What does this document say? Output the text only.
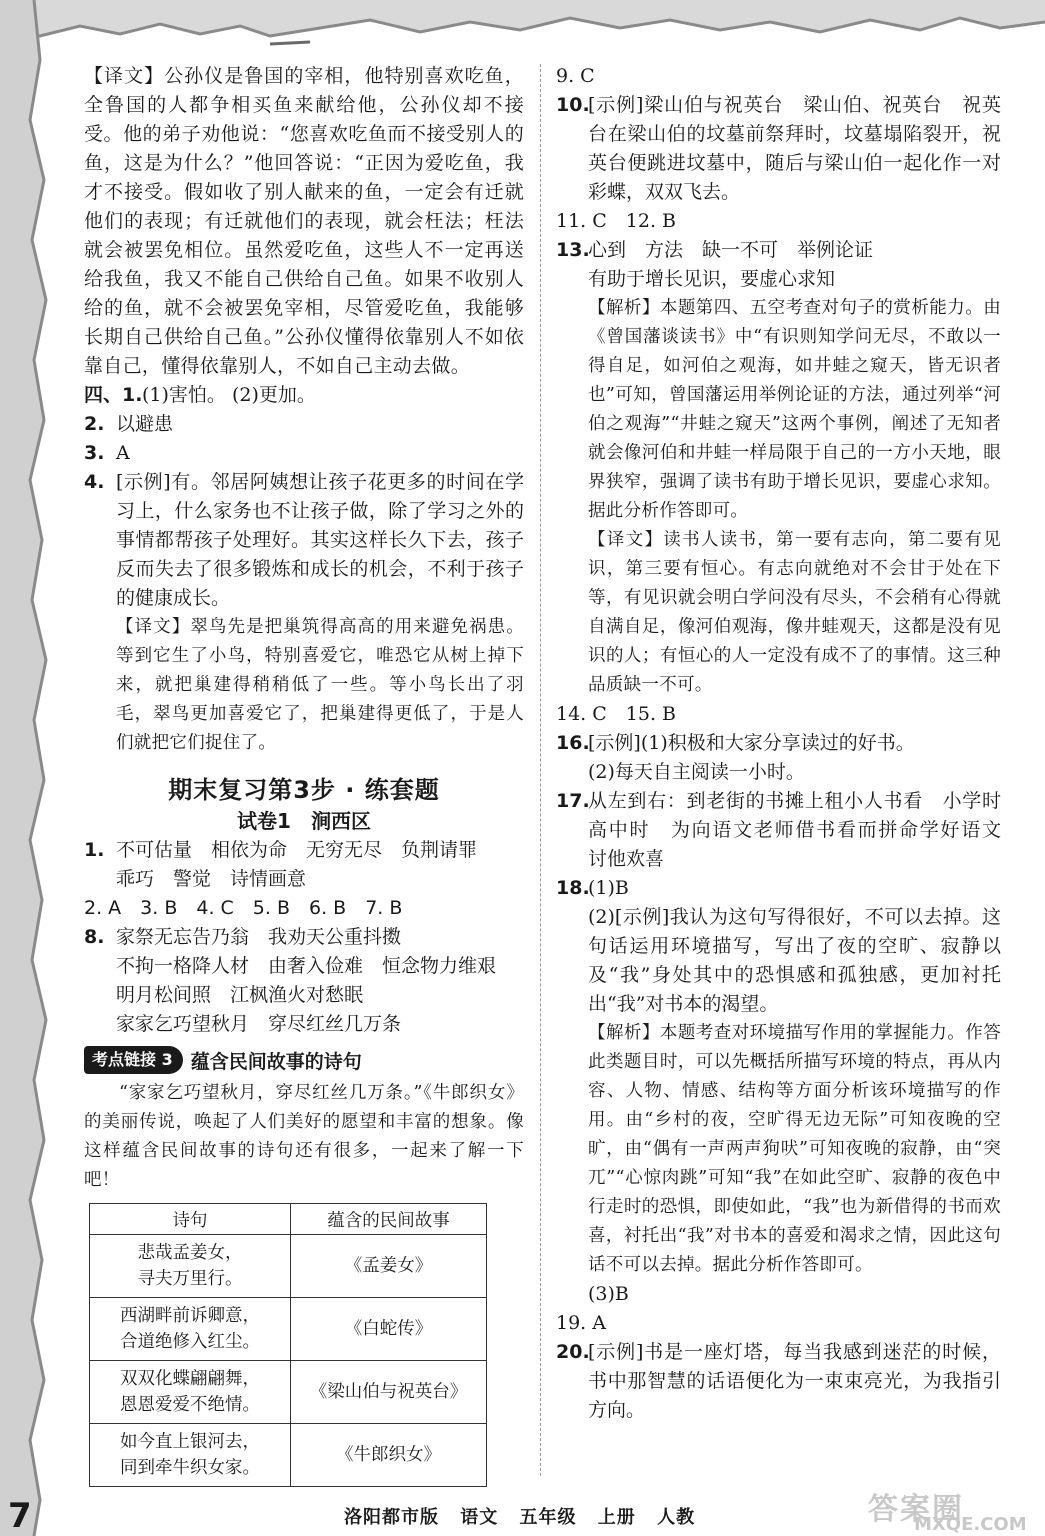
【译文】公孙仪是鲁国的宰相，他特别喜欢吃鱼，全鲁国的人都争相买鱼来献给他，公孙仪却不接受。他的弟子劝他说：“您喜欢吃鱼而不接受别人的鱼，这是为什么？”他回答说：“正因为爱吃鱼，我才不接受。假如收了别人献来的鱼，一定会有迁就他们的表现；有迁就他们的表现，就会枉法；枉法就会被罢免相位。虽然爱吃鱼，这些人不一定再送给我鱼，我又不能自己供给自己鱼。如果不收别人给的鱼，就不会被罢免宰相，尽管爱吃鱼，我能够长期自己供给自己鱼。”公孙仪懂得依靠别人不如依靠自己，懂得依靠别人，不如自己主动去做。

四、1. (1)害怕。 (2)更加。
2. 以避患
3. A
4. [示例]有。邻居阿姨想让孩子花更多的时间在学习上，什么家务也不让孩子做，除了学习之外的事情都帮孩子处理好。其实这样长久下去，孩子反而失去了很多锻炼和成长的机会，不利于孩子的健康成长。

【译文】翠鸟先是把巢筑得高高的用来避免祸患。等到它生了小鸟，特别喜爱它，唯恐它从树上掉下来，就把巢建得稍稍低了一些。等小鸟长出了羽毛，翠鸟更加喜爱它了，把巢建得更低了，于是人们就把它们捉住了。

期末复习第3步 · 练套题
试卷1　涧西区
1. 不可估量　相依为命　无穷无尽　负荆请罪
乖巧　警觉　诗情画意
2. A　3. B　4. C　5. B　6. B　7. B
8. 家祭无忘告乃翁　我劝天公重抖擞
不拘一格降人材　由奢入俭难　恒念物力维艰
明月松间照　江枫渔火对愁眠
家家乞巧望秋月　穿尽红丝几万条
考点链接 3 蕴含民间故事的诗句

“家家乞巧望秋月，穿尽红丝几万条。”《牛郎织女》的美丽传说，唤起了人们美好的愿望和丰富的想象。像这样蕴含民间故事的诗句还有很多，一起来了解一下吧！

诗句	蕴含的民间故事
悲哉孟姜女，
寻夫万里行。	《孟姜女》
西湖畔前诉卿意，
合道绝修入红尘。	《白蛇传》
双双化蝶翩翩舞，
恩恩爱爱不绝情。	《梁山伯与祝英台》
如今直上银河去，
同到牵牛织女家。	《牛郎织女》
9. C
10.
[示例]梁山伯与祝英台　梁山伯、祝英台　祝英台在梁山伯的坟墓前祭拜时，坟墓塌陷裂开，祝英台便跳进坟墓中，随后与梁山伯一起化作一对彩蝶，双双飞去。
11. C　12. B
13.
心到　方法　缺一不可　举例论证
有助于增长见识，要虚心求知

【解析】本题第四、五空考查对句子的赏析能力。由《曾国藩谈读书》中“有识则知学问无尽，不敢以一得自足，如河伯之观海，如井蛙之窥天，皆无识者也”可知，曾国藩运用举例论证的方法，通过列举“河伯之观海”“井蛙之窥天”这两个事例，阐述了无知者就会像河伯和井蛙一样局限于自己的一方小天地，眼界狭窄，强调了读书有助于增长见识，要虚心求知。据此分析作答即可。

【译文】读书人读书，第一要有志向，第二要有见识，第三要有恒心。有志向就绝对不会甘于处在下等，有见识就会明白学问没有尽头，不会稍有心得就自满自足，像河伯观海，像井蛙观天，这都是没有见识的人；有恒心的人一定没有成不了的事情。这三种品质缺一不可。

14. C　15. B
16.
[示例](1)积极和大家分享读过的好书。
(2)每天自主阅读一小时。
17.
从左到右：到老街的书摊上租小人书看　小学时　高中时　为向语文老师借书看而拼命学好语文　讨他欢喜
18.
(1)B
(2)[示例]我认为这句写得很好，不可以去掉。这句话运用环境描写，写出了夜的空旷、寂静以及“我”身处其中的恐惧感和孤独感，更加衬托出“我”对书本的渴望。

【解析】本题考查对环境描写作用的掌握能力。作答此类题目时，可以先概括所描写环境的特点，再从内容、人物、情感、结构等方面分析该环境描写的作用。由“乡村的夜，空旷得无边无际”可知夜晚的空旷，由“偶有一声两声狗吠”可知夜晚的寂静，由“突兀”“心惊肉跳”可知“我”在如此空旷、寂静的夜色中行走时的恐惧，即使如此，“我”也为新借得的书而欢喜，衬托出“我”对书本的喜爱和渴求之情，因此这句话不可以去掉。据此分析作答即可。

(3)B
19. A
20.
[示例]书是一座灯塔，每当我感到迷茫的时候，书中那智慧的话语便化为一束束亮光，为我指引方向。
7	洛阳都市版 语文 五年级 上册 人教	答案圈
MXQE.COM
